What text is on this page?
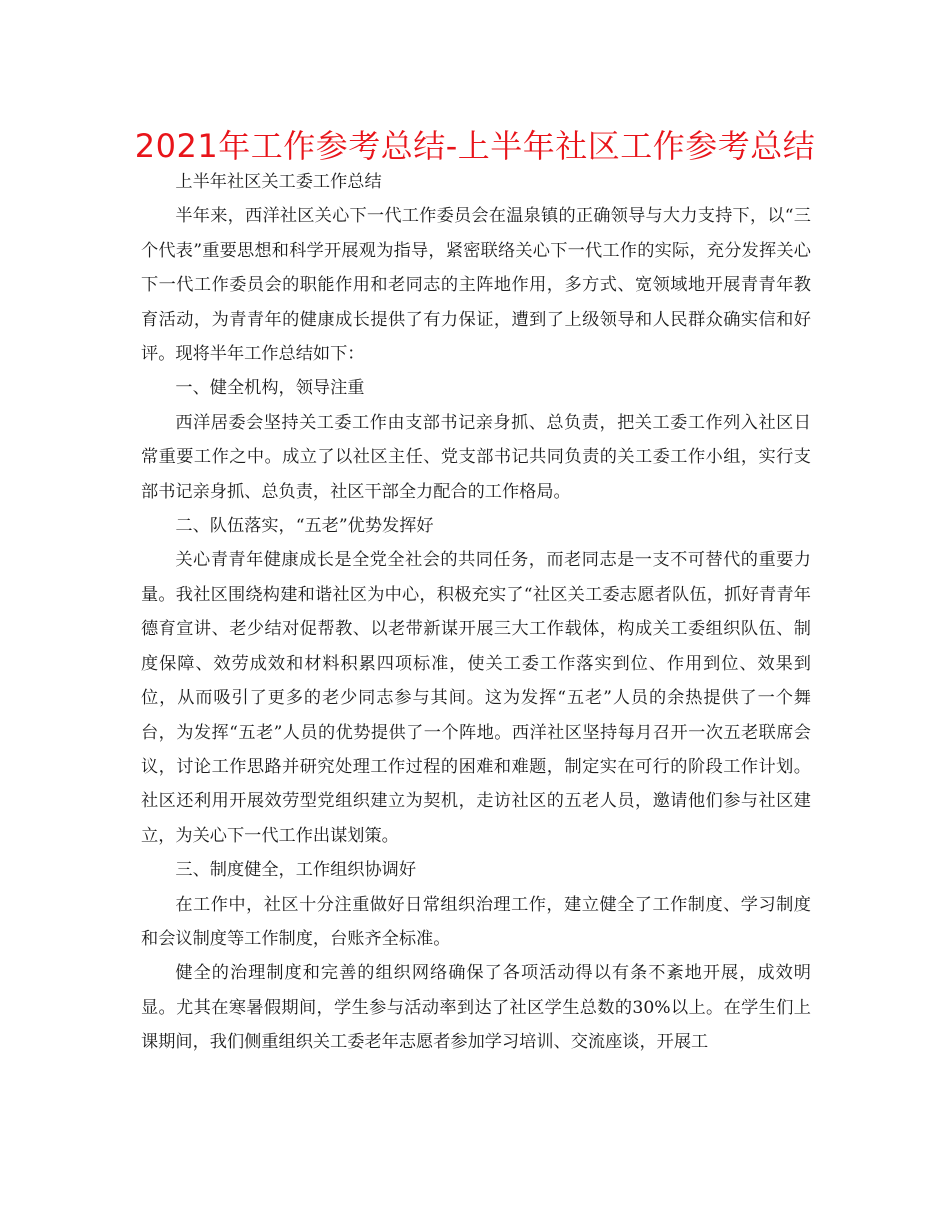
2021年工作参考总结-上半年社区工作参考总结

上半年社区关工委工作总结

半年来，西洋社区关心下一代工作委员会在温泉镇的正确领导与大力支持下，以“三个代表”重要思想和科学开展观为指导，紧密联络关心下一代工作的实际，充分发挥关心下一代工作委员会的职能作用和老同志的主阵地作用，多方式、宽领域地开展青青年教育活动，为青青年的健康成长提供了有力保证，遭到了上级领导和人民群众确实信和好评。现将半年工作总结如下：

一、健全机构，领导注重

西洋居委会坚持关工委工作由支部书记亲身抓、总负责，把关工委工作列入社区日常重要工作之中。成立了以社区主任、党支部书记共同负责的关工委工作小组，实行支部书记亲身抓、总负责，社区干部全力配合的工作格局。

二、队伍落实，“五老”优势发挥好

关心青青年健康成长是全党全社会的共同任务，而老同志是一支不可替代的重要力量。我社区围绕构建和谐社区为中心，积极充实了“社区关工委志愿者队伍，抓好青青年德育宣讲、老少结对促帮教、以老带新谋开展三大工作载体，构成关工委组织队伍、制度保障、效劳成效和材料积累四项标准，使关工委工作落实到位、作用到位、效果到位，从而吸引了更多的老少同志参与其间。这为发挥“五老”人员的余热提供了一个舞台，为发挥“五老”人员的优势提供了一个阵地。西洋社区坚持每月召开一次五老联席会议，讨论工作思路并研究处理工作过程的困难和难题，制定实在可行的阶段工作计划。社区还利用开展效劳型党组织建立为契机，走访社区的五老人员，邀请他们参与社区建立，为关心下一代工作出谋划策。

三、制度健全，工作组织协调好

在工作中，社区十分注重做好日常组织治理工作，建立健全了工作制度、学习制度和会议制度等工作制度，台账齐全标准。

健全的治理制度和完善的组织网络确保了各项活动得以有条不紊地开展，成效明显。尤其在寒暑假期间，学生参与活动率到达了社区学生总数的30%以上。在学生们上课期间，我们侧重组织关工委老年志愿者参加学习培训、交流座谈，开展工
